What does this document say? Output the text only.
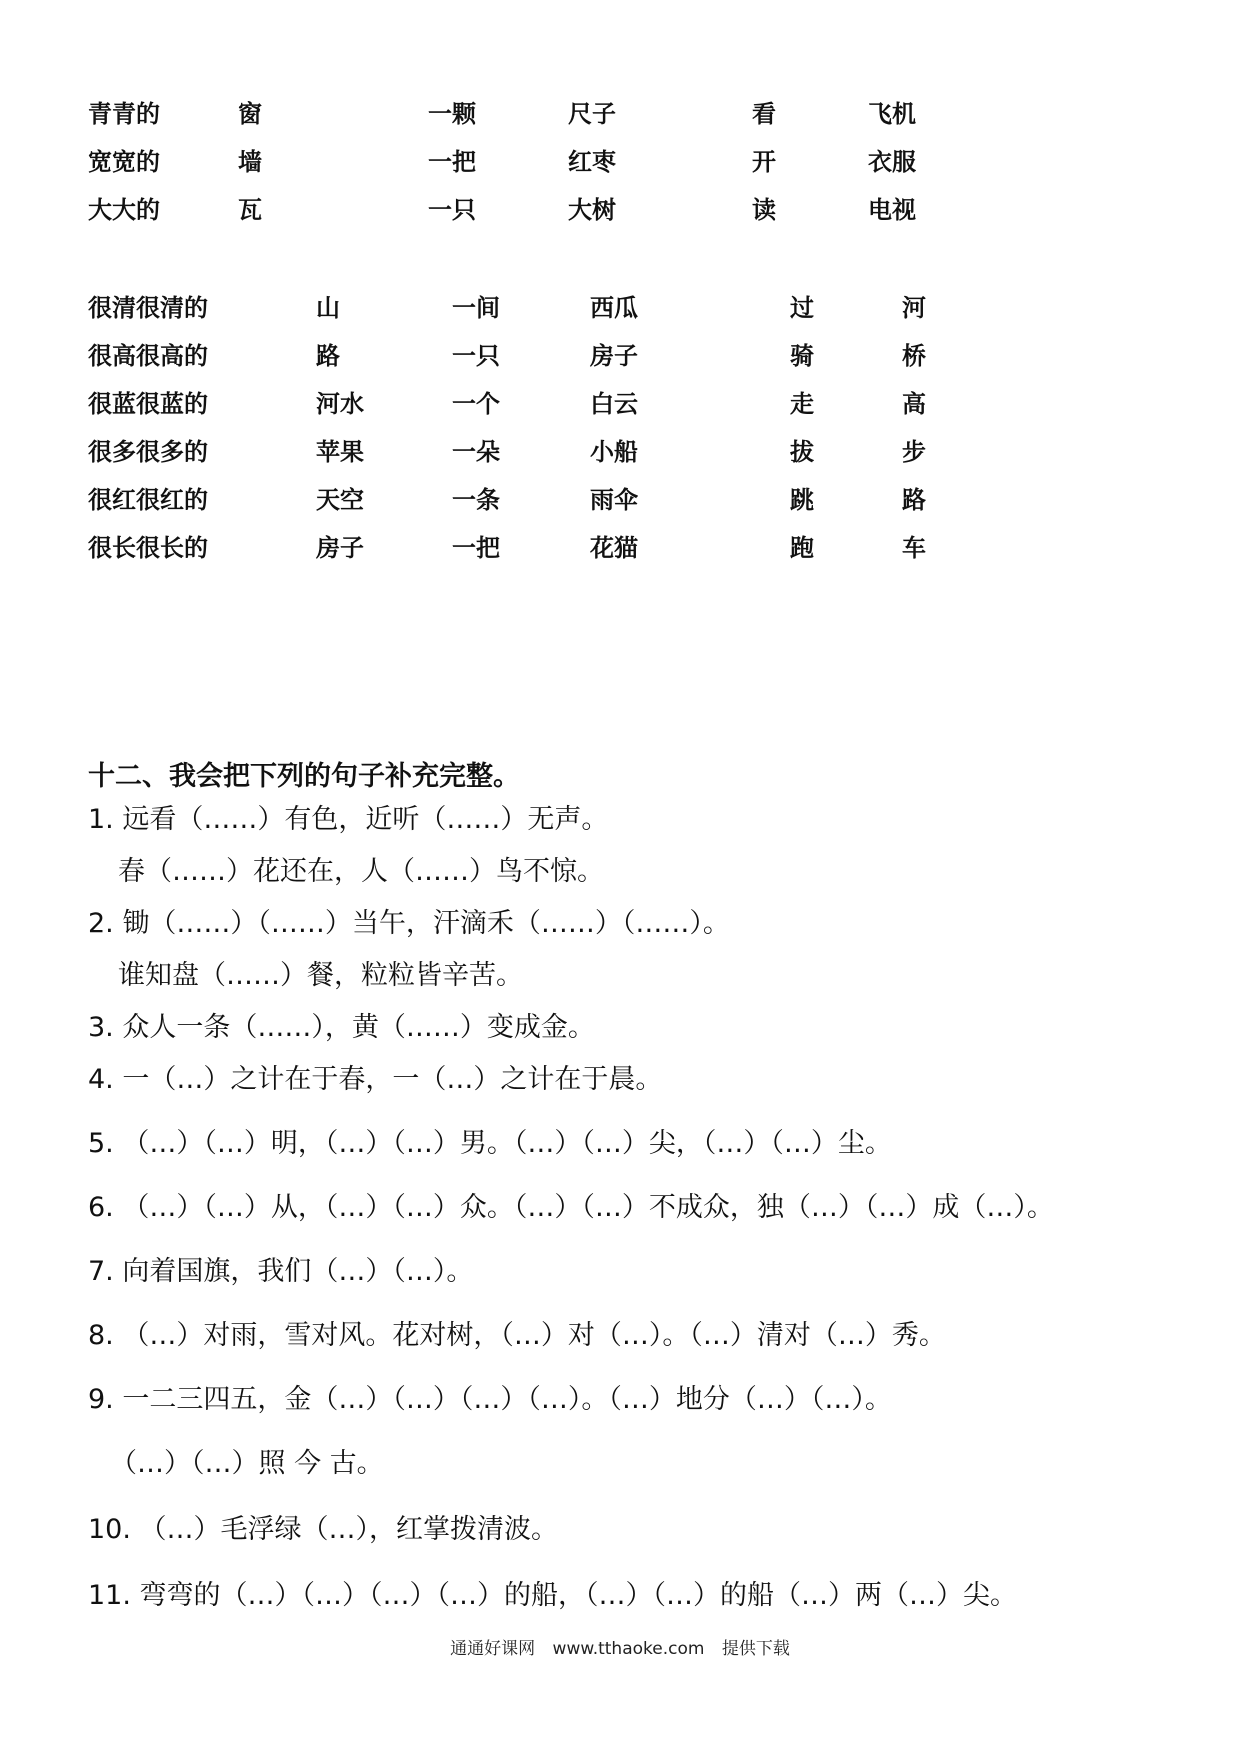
青青的	窗	一颗	尺子	看	飞机
宽宽的	墙	一把	红枣	开	衣服
大大的	瓦	一只	大树	读	电视
很清很清的	山	一间	西瓜	过	河
很高很高的	路	一只	房子	骑	桥
很蓝很蓝的	河水	一个	白云	走	高
很多很多的	苹果	一朵	小船	拔	步
很红很红的	天空	一条	雨伞	跳	路
很长很长的	房子	一把	花猫	跑	车
十二、我会把下列的句子补充完整。
1. 远看（……）有色，近听（……）无声。
春（……）花还在，人（……）鸟不惊。
2. 锄（……）（……）当午，汗滴禾（……）（……）。
谁知盘（……）餐，粒粒皆辛苦。
3. 众人一条（……），黄（……）变成金。
4. 一（…）之计在于春，一（…）之计在于晨。
5. （…）（…）明，（…）（…）男。（…）（…）尖，（…）（…）尘。
6. （…）（…）从，（…）（…）众。（…）（…）不成众，独（…）（…）成（…）。
7. 向着国旗，我们（…）（…）。
8. （…）对雨，雪对风。花对树，（…）对（…）。（…）清对（…）秀。
9. 一二三四五，金（…）（…）（…）（…）。（…）地分（…）（…）。
（…）（…）照 今 古。
10. （…）毛浮绿（…），红掌拨清波。
11. 弯弯的（…）（…）（…）（…）的船，（…）（…）的船（…）两（…）尖。
通通好课网 www.tthaoke.com 提供下载
